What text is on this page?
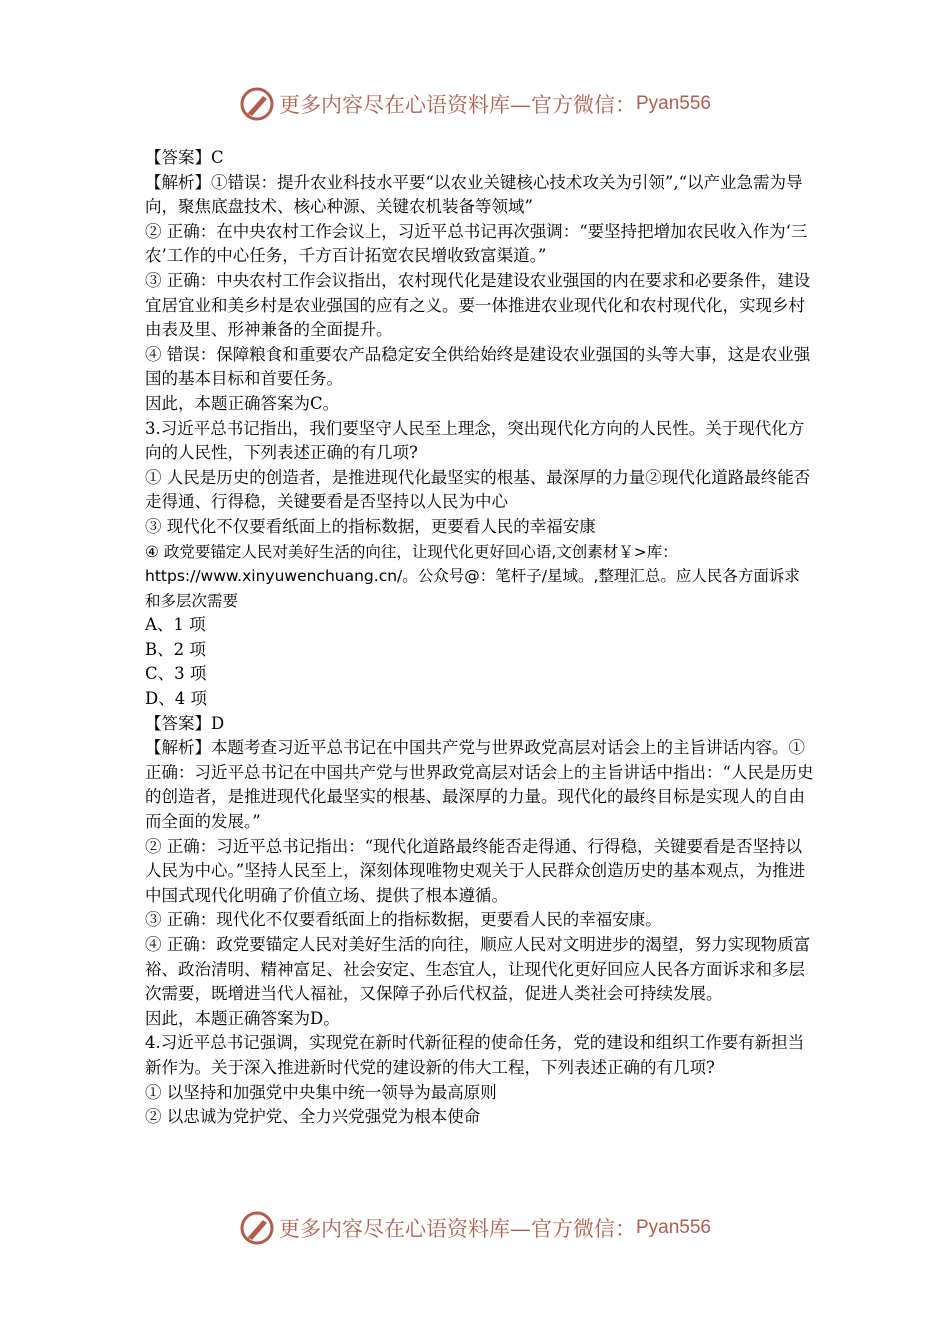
更多内容尽在心语资料库—官方微信： Pyan556

【答案】C

【解析】①错误：提升农业科技水平要“以农业关键核心技术攻关为引领”,“以产业急需为导向，聚焦底盘技术、核心种源、关键农机装备等领域”

② 正确：在中央农村工作会议上，习近平总书记再次强调：“要坚持把增加农民收入作为‘三农’工作的中心任务，千方百计拓宽农民增收致富渠道。”

③ 正确：中央农村工作会议指出，农村现代化是建设农业强国的内在要求和必要条件，建设宜居宜业和美乡村是农业强国的应有之义。要一体推进农业现代化和农村现代化，实现乡村由表及里、形神兼备的全面提升。

④ 错误：保障粮食和重要农产品稳定安全供给始终是建设农业强国的头等大事，这是农业强国的基本目标和首要任务。

因此，本题正确答案为C。

3.习近平总书记指出，我们要坚守人民至上理念，突出现代化方向的人民性。关于现代化方向的人民性，下列表述正确的有几项?

① 人民是历史的创造者，是推进现代化最坚实的根基、最深厚的力量②现代化道路最终能否走得通、行得稳，关键要看是否坚持以人民为中心

③ 现代化不仅要看纸面上的指标数据，更要看人民的幸福安康

④ 政党要锚定人民对美好生活的向往，让现代化更好回心语,文创素材￥>库：https://www.xinyuwenchuang.cn/。公众号@：笔杆子/星域。,整理汇总。应人民各方面诉求和多层次需要

A、1 项

B、2 项

C、3 项

D、4 项

【答案】D

【解析】本题考查习近平总书记在中国共产党与世界政党高层对话会上的主旨讲话内容。①正确：习近平总书记在中国共产党与世界政党高层对话会上的主旨讲话中指出：“人民是历史的创造者，是推进现代化最坚实的根基、最深厚的力量。现代化的最终目标是实现人的自由而全面的发展。”

② 正确：习近平总书记指出：“现代化道路最终能否走得通、行得稳，关键要看是否坚持以人民为中心。”坚持人民至上，深刻体现唯物史观关于人民群众创造历史的基本观点，为推进中国式现代化明确了价值立场、提供了根本遵循。

③ 正确：现代化不仅要看纸面上的指标数据，更要看人民的幸福安康。

④ 正确：政党要锚定人民对美好生活的向往，顺应人民对文明进步的渴望，努力实现物质富裕、政治清明、精神富足、社会安定、生态宜人，让现代化更好回应人民各方面诉求和多层次需要，既增进当代人福祉，又保障子孙后代权益，促进人类社会可持续发展。

因此，本题正确答案为D。

4.习近平总书记强调，实现党在新时代新征程的使命任务，党的建设和组织工作要有新担当新作为。关于深入推进新时代党的建设新的伟大工程，下列表述正确的有几项?

① 以坚持和加强党中央集中统一领导为最高原则

② 以忠诚为党护党、全力兴党强党为根本使命

更多内容尽在心语资料库—官方微信： Pyan556
